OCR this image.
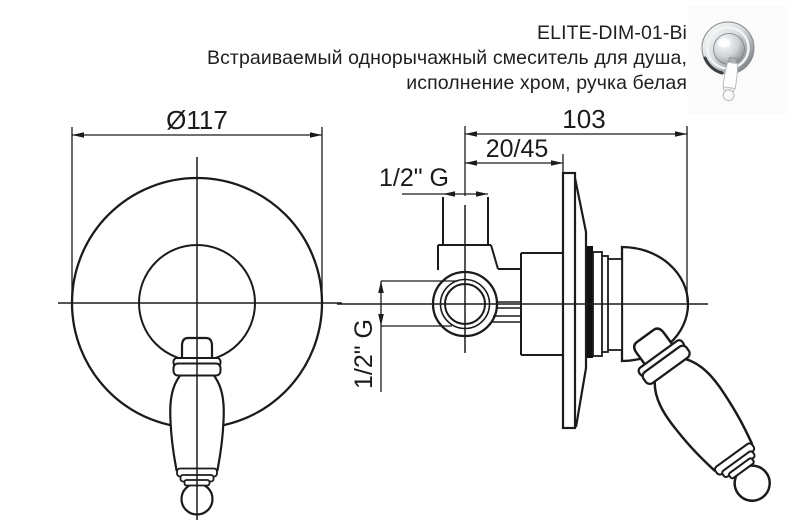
ELITE-DIM-01-Bi
Встраиваемый однорычажный смеситель для душа,
исполнение хром, ручка белая
Ø117	103
20/45
1/2" G
1/2" G
